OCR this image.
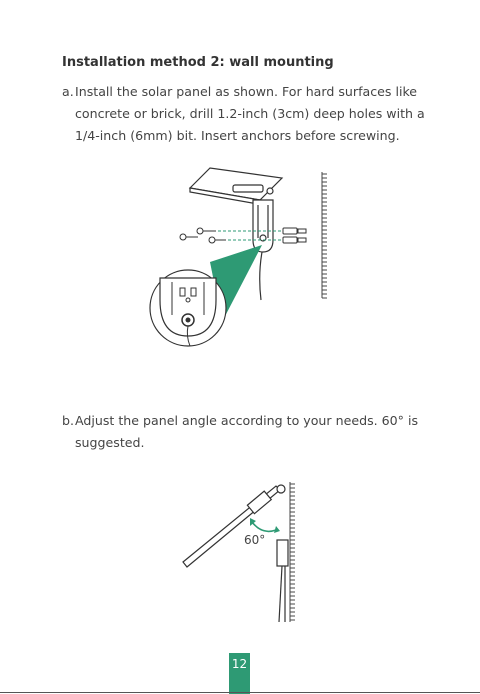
Installation method 2: wall mounting
a. Install the solar panel as shown. For hard surfaces like concrete or brick, drill 1.2-inch (3cm) deep holes with a 1/4-inch (6mm) bit. Insert anchors before screwing.
b. Adjust the panel angle according to your needs. 60° is suggested.
60°
12
